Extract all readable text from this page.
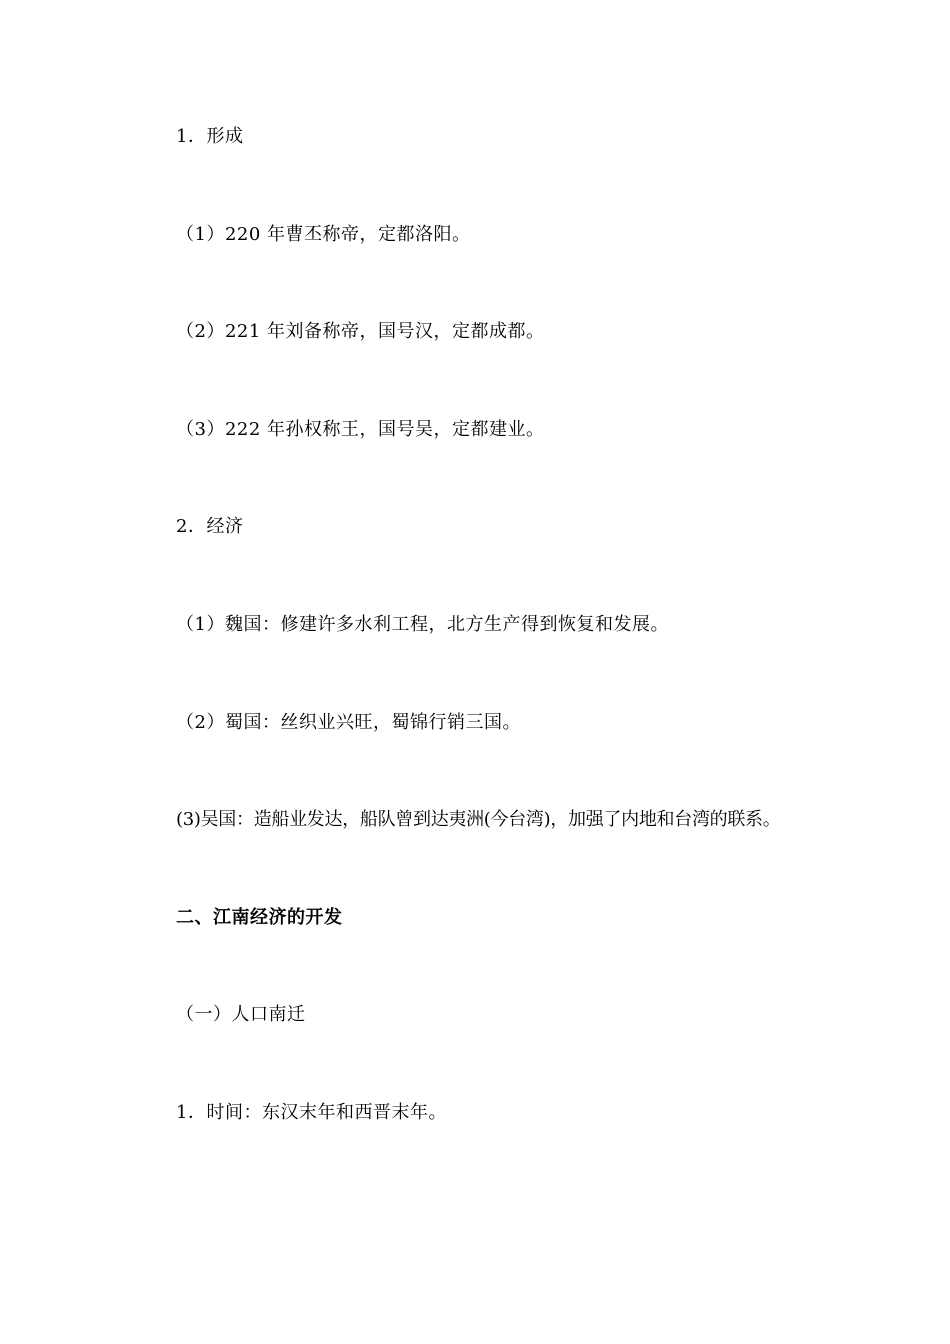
1．形成
（1）220 年曹丕称帝，定都洛阳。
（2）221 年刘备称帝，国号汉，定都成都。
（3）222 年孙权称王，国号吴，定都建业。
2．经济
（1）魏国：修建许多水利工程，北方生产得到恢复和发展。
（2）蜀国：丝织业兴旺，蜀锦行销三国。
(3)吴国：造船业发达，船队曾到达夷洲(今台湾)，加强了内地和台湾的联系。
二、江南经济的开发
（一）人口南迁
1．时间：东汉末年和西晋末年。
